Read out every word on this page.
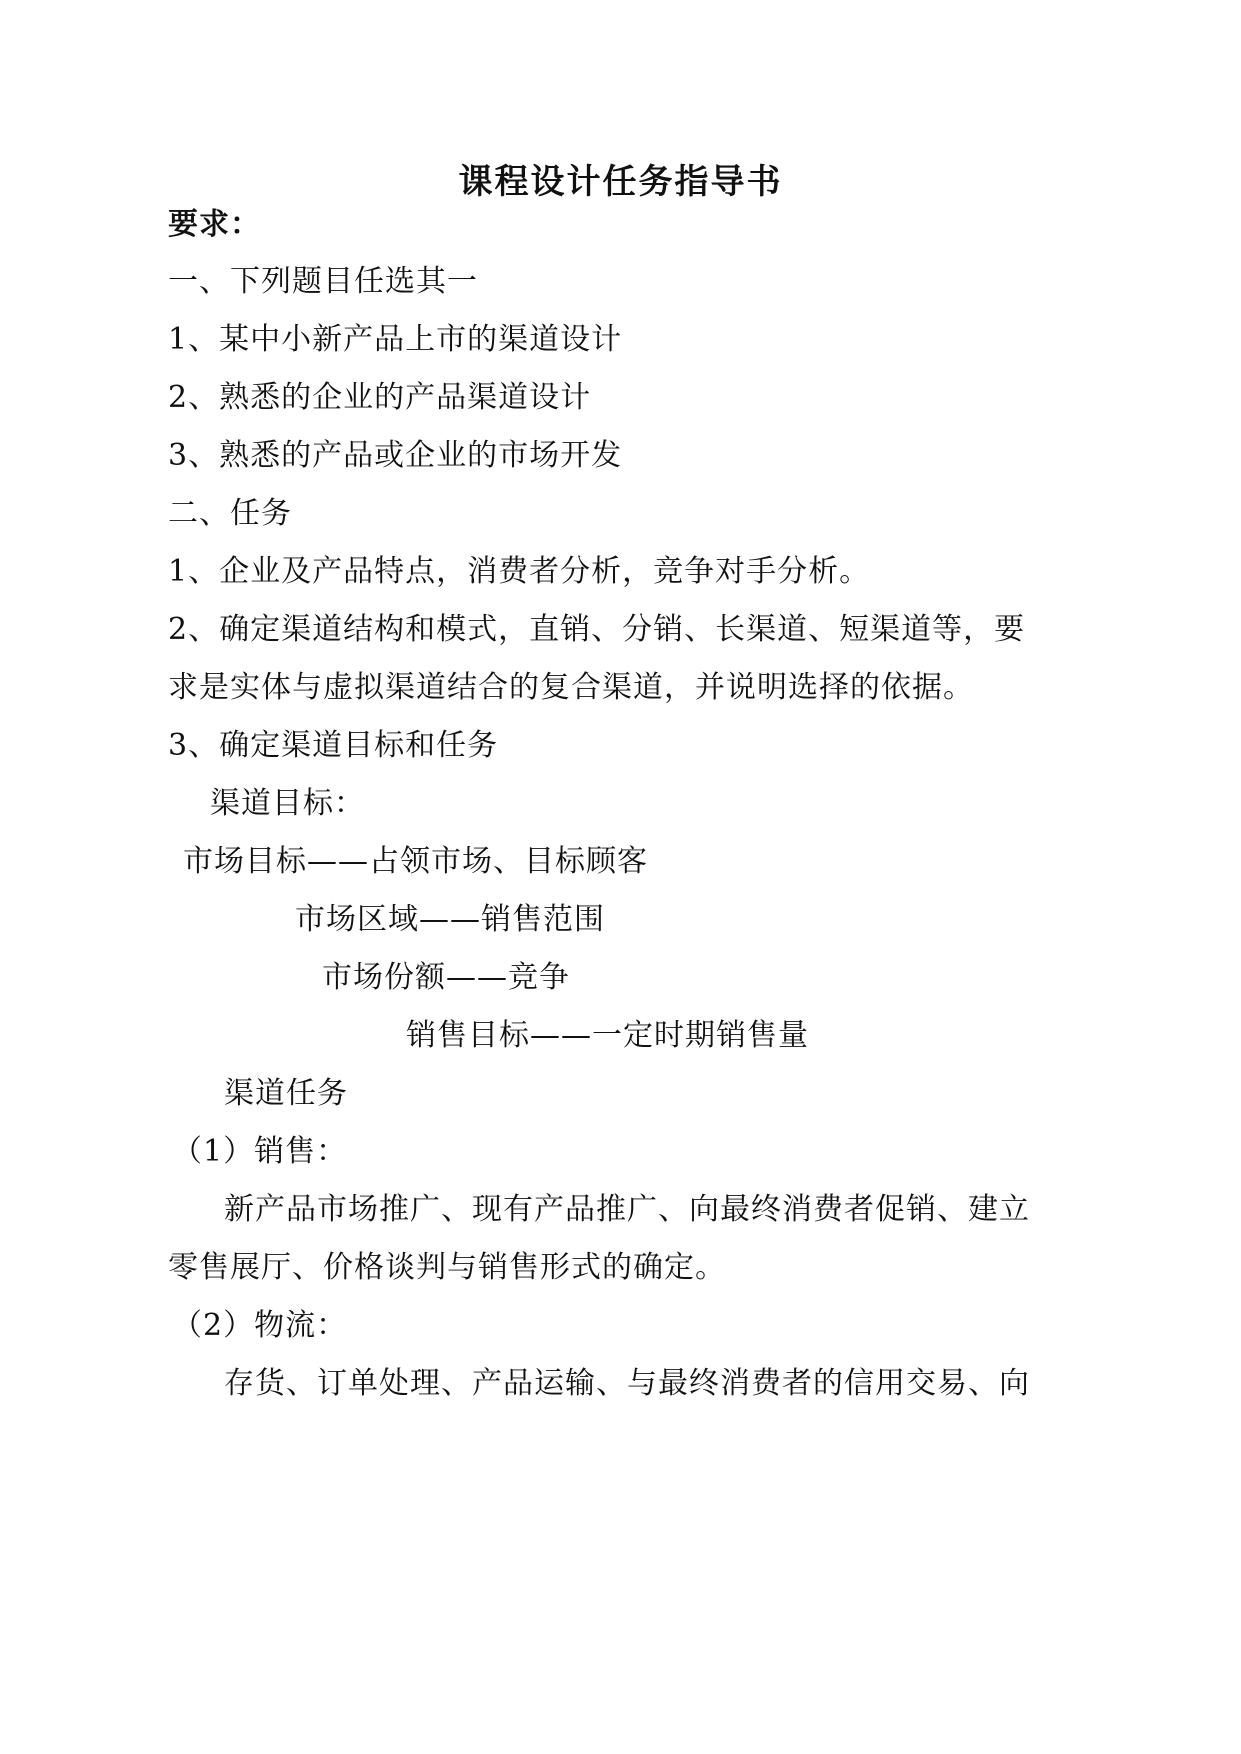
课程设计任务指导书
要求：
一、下列题目任选其一
1、某中小新产品上市的渠道设计
2、熟悉的企业的产品渠道设计
3、熟悉的产品或企业的市场开发
二、任务
1、企业及产品特点，消费者分析，竞争对手分析。
2、确定渠道结构和模式，直销、分销、长渠道、短渠道等，要
求是实体与虚拟渠道结合的复合渠道，并说明选择的依据。
3、确定渠道目标和任务
渠道目标：
市场目标——占领市场、目标顾客
市场区域——销售范围
市场份额——竞争
销售目标——一定时期销售量
渠道任务
（1）销售：
新产品市场推广、现有产品推广、向最终消费者促销、建立
零售展厅、价格谈判与销售形式的确定。
（2）物流：
存货、订单处理、产品运输、与最终消费者的信用交易、向
